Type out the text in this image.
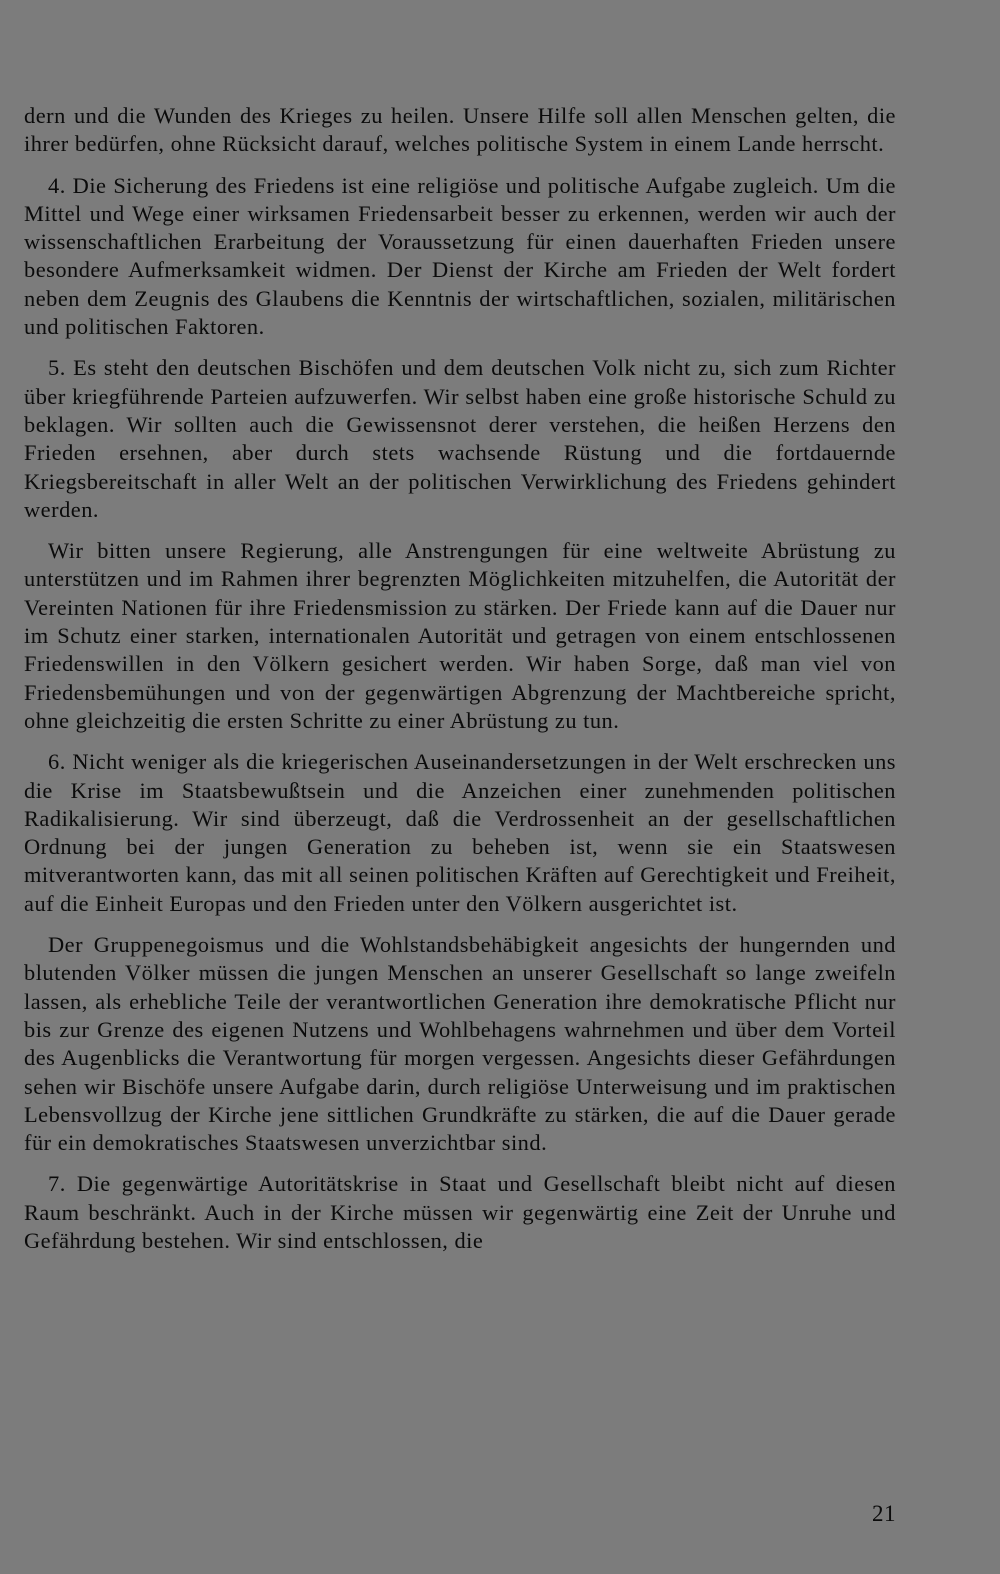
dern und die Wunden des Krieges zu heilen. Unsere Hilfe soll allen Menschen gelten, die ihrer bedürfen, ohne Rücksicht darauf, welches politische System in einem Lande herrscht.

4. Die Sicherung des Friedens ist eine religiöse und politische Aufgabe zugleich. Um die Mittel und Wege einer wirksamen Friedensarbeit besser zu erkennen, werden wir auch der wissenschaftlichen Erarbeitung der Voraussetzung für einen dauerhaften Frieden unsere besondere Aufmerksamkeit widmen. Der Dienst der Kirche am Frieden der Welt fordert neben dem Zeugnis des Glaubens die Kenntnis der wirtschaftlichen, sozialen, militärischen und politischen Faktoren.

5. Es steht den deutschen Bischöfen und dem deutschen Volk nicht zu, sich zum Richter über kriegführende Parteien aufzuwerfen. Wir selbst haben eine große historische Schuld zu beklagen. Wir sollten auch die Gewissensnot derer verstehen, die heißen Herzens den Frieden ersehnen, aber durch stets wachsende Rüstung und die fortdauernde Kriegsbereitschaft in aller Welt an der politischen Verwirklichung des Friedens gehindert werden.

Wir bitten unsere Regierung, alle Anstrengungen für eine weltweite Abrüstung zu unterstützen und im Rahmen ihrer begrenzten Möglichkeiten mitzuhelfen, die Autorität der Vereinten Nationen für ihre Friedensmission zu stärken. Der Friede kann auf die Dauer nur im Schutz einer starken, internationalen Autorität und getragen von einem entschlossenen Friedenswillen in den Völkern gesichert werden. Wir haben Sorge, daß man viel von Friedensbemühungen und von der gegenwärtigen Abgrenzung der Machtbereiche spricht, ohne gleichzeitig die ersten Schritte zu einer Abrüstung zu tun.

6. Nicht weniger als die kriegerischen Auseinandersetzungen in der Welt erschrecken uns die Krise im Staatsbewußtsein und die Anzeichen einer zunehmenden politischen Radikalisierung. Wir sind überzeugt, daß die Verdrossenheit an der gesellschaftlichen Ordnung bei der jungen Generation zu beheben ist, wenn sie ein Staatswesen mitverantworten kann, das mit all seinen politischen Kräften auf Gerechtigkeit und Freiheit, auf die Einheit Europas und den Frieden unter den Völkern ausgerichtet ist.

Der Gruppenegoismus und die Wohlstandsbehäbigkeit angesichts der hungernden und blutenden Völker müssen die jungen Menschen an unserer Gesellschaft so lange zweifeln lassen, als erhebliche Teile der verantwortlichen Generation ihre demokratische Pflicht nur bis zur Grenze des eigenen Nutzens und Wohlbehagens wahrnehmen und über dem Vorteil des Augenblicks die Verantwortung für morgen vergessen. Angesichts dieser Gefährdungen sehen wir Bischöfe unsere Aufgabe darin, durch religiöse Unterweisung und im praktischen Lebensvollzug der Kirche jene sittlichen Grundkräfte zu stärken, die auf die Dauer gerade für ein demokratisches Staatswesen unverzichtbar sind.

7. Die gegenwärtige Autoritätskrise in Staat und Gesellschaft bleibt nicht auf diesen Raum beschränkt. Auch in der Kirche müssen wir gegenwärtig eine Zeit der Unruhe und Gefährdung bestehen. Wir sind entschlossen, die

21
